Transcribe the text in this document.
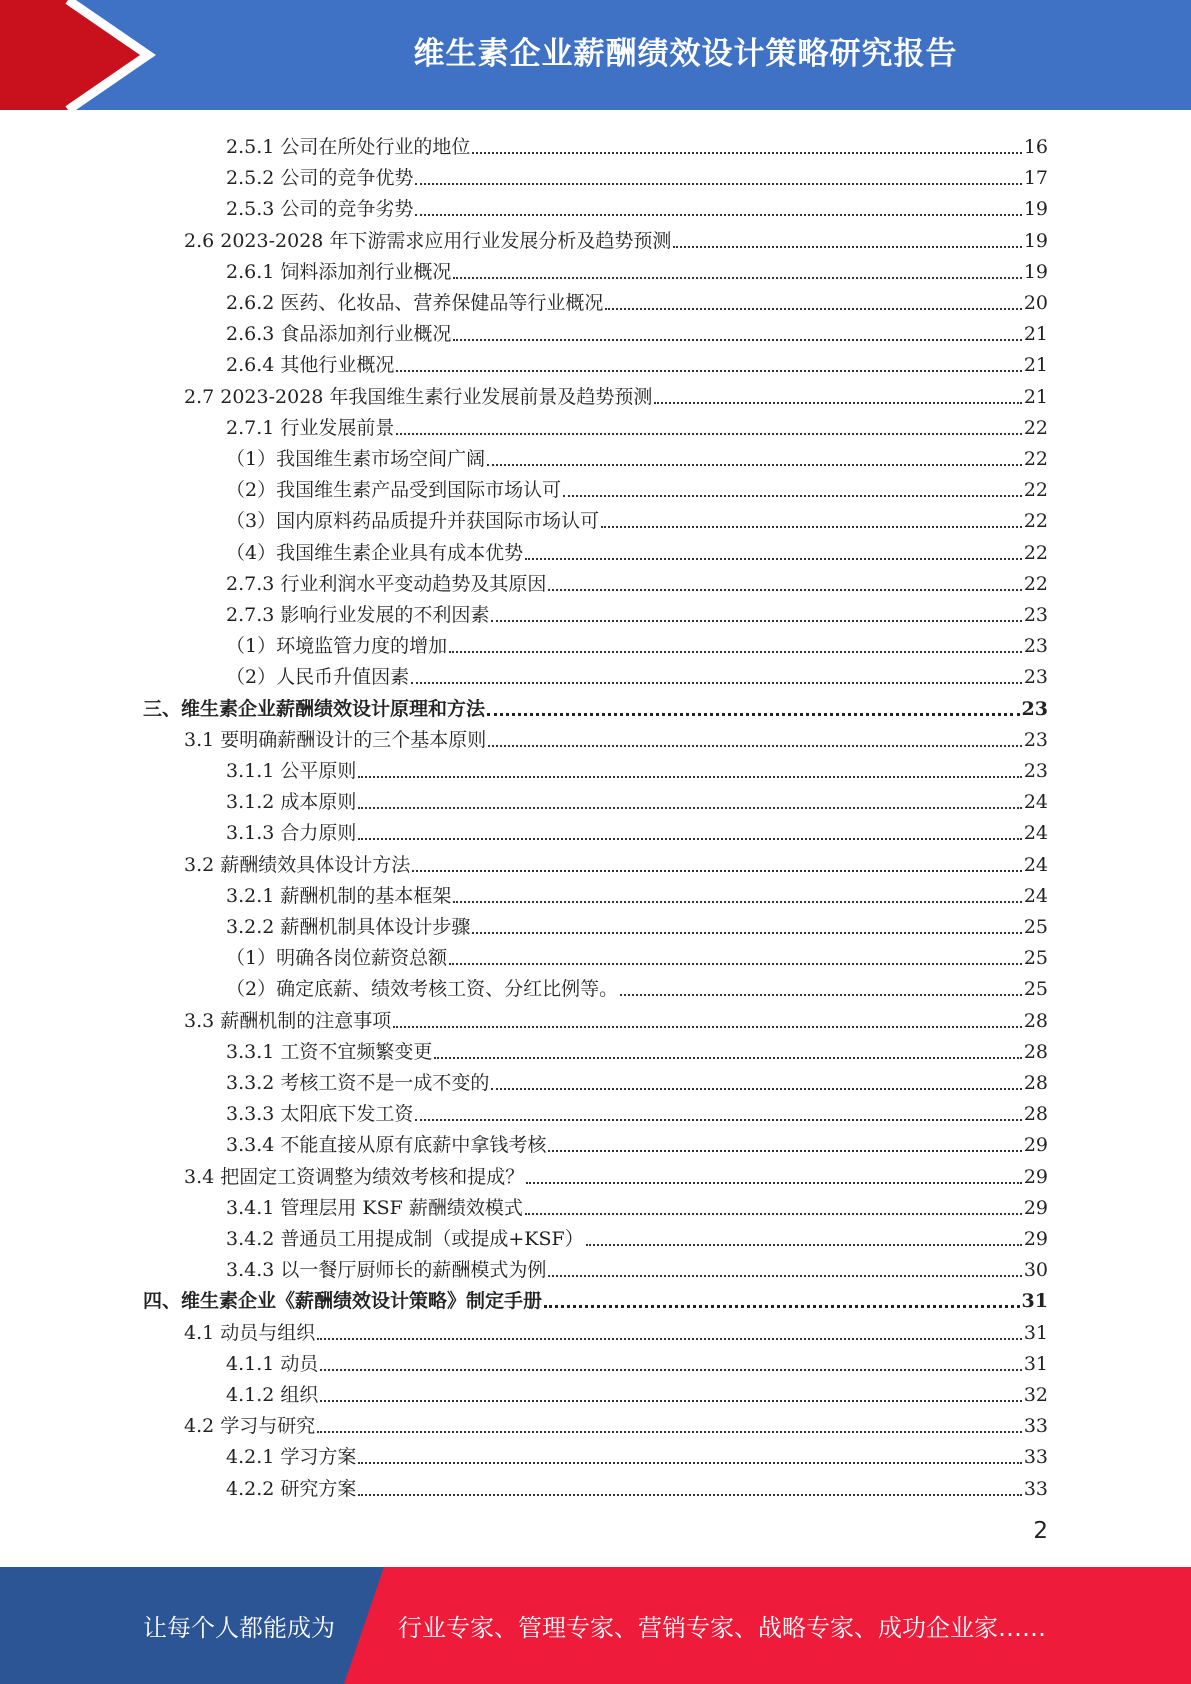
维生素企业薪酬绩效设计策略研究报告
2.5.1 公司在所处行业的地位	16
2.5.2 公司的竞争优势	17
2.5.3 公司的竞争劣势	19
2.6 2023-2028 年下游需求应用行业发展分析及趋势预测	19
2.6.1 饲料添加剂行业概况	19
2.6.2 医药、化妆品、营养保健品等行业概况	20
2.6.3 食品添加剂行业概况	21
2.6.4 其他行业概况	21
2.7 2023-2028 年我国维生素行业发展前景及趋势预测	21
2.7.1 行业发展前景	22
（1）我国维生素市场空间广阔	22
（2）我国维生素产品受到国际市场认可	22
（3）国内原料药品质提升并获国际市场认可	22
（4）我国维生素企业具有成本优势	22
2.7.3 行业利润水平变动趋势及其原因	22
2.7.3 影响行业发展的不利因素	23
（1）环境监管力度的增加	23
（2）人民币升值因素	23
三、维生素企业薪酬绩效设计原理和方法	23
3.1 要明确薪酬设计的三个基本原则	23
3.1.1 公平原则	23
3.1.2 成本原则	24
3.1.3 合力原则	24
3.2 薪酬绩效具体设计方法	24
3.2.1 薪酬机制的基本框架	24
3.2.2 薪酬机制具体设计步骤	25
（1）明确各岗位薪资总额	25
（2）确定底薪、绩效考核工资、分红比例等。	25
3.3 薪酬机制的注意事项	28
3.3.1 工资不宜频繁变更	28
3.3.2 考核工资不是一成不变的	28
3.3.3 太阳底下发工资	28
3.3.4 不能直接从原有底薪中拿钱考核	29
3.4 把固定工资调整为绩效考核和提成？	29
3.4.1 管理层用 KSF 薪酬绩效模式	29
3.4.2 普通员工用提成制（或提成+KSF）	29
3.4.3 以一餐厅厨师长的薪酬模式为例	30
四、维生素企业《薪酬绩效设计策略》制定手册	31
4.1 动员与组织	31
4.1.1 动员	31
4.1.2 组织	32
4.2 学习与研究	33
4.2.1 学习方案	33
4.2.2 研究方案	33
2
让每个人都能成为	行业专家、管理专家、营销专家、战略专家、成功企业家……
